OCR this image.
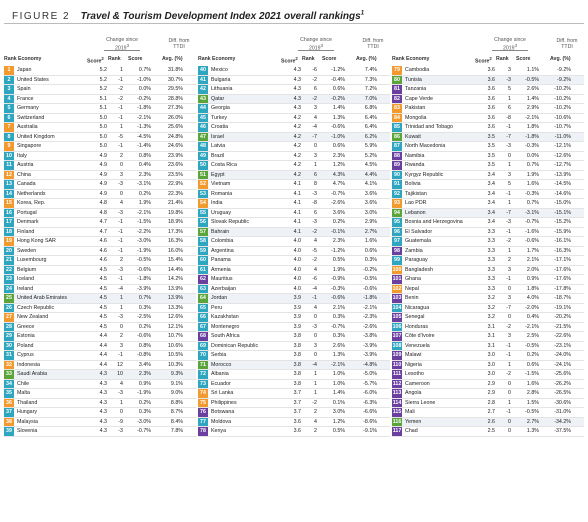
FIGURE 2 Travel & Tourism Development Index 2021 overall rankings$^1$
Change since 2019$^3$
Diff. from
TTDI
Rank Economy	Score$^2$ Rank Score	Avg. (%)
1	Japan	5.2	1	0.7%	31.8%
2	United States	5.2	-1	-1.0%	30.7%
3	Spain	5.2	-2	0.0%	29.5%
4	France	5.1	-2	-0.2%	28.8%
5	Germany	5.1	-1	-1.8%	27.3%
6	Switzerland	5.0	-1	-2.1%	26.0%
7	Australia	5.0	1	-1.3%	25.6%
8	United Kingdom	5.0	-5	-4.5%	24.8%
9	Singapore	5.0	-1	-1.4%	24.6%
10 Italy	4.9	2	0.8%	23.9%
11 Austria	4.9	0	0.4%	23.6%
12 China	4.9	3	2.3%	23.5%
13 Canada	4.9	-3	-3.1%	22.9%
14 Netherlands	4.9	0	0.2%	22.3%
15 Korea, Rep.	4.8	4	1.9%	21.4%
16 Portugal	4.8	-3	-2.1%	19.8%
17 Denmark	4.7	-1	-1.5%	18.9%
18 Finland	4.7	-1	-2.2%	17.3%
19 Hong Kong SAR	4.6	-1	-3.0%	16.3%
20 Sweden	4.6	-1	-1.9%	16.0%
21 Luxembourg	4.6	2	-0.5%	15.4%
22 Belgium	4.5	-3	-0.6%	14.4%
23 Iceland	4.5	-1	-1.8%	14.2%
24 Ireland	4.5	-4	-3.9%	13.9%
25 United Arab Emirates	4.5	1	0.7%	13.9%
26 Czech Republic	4.5	1	0.3%	13.3%
27 New Zealand	4.5	-3	-2.5%	12.6%
28 Greece	4.5	0	0.2%	12.1%
29 Estonia	4.4	2	-0.6%	10.7%
30 Poland	4.4	3	0.8%	10.6%
31 Cyprus	4.4	-1	-0.8%	10.5%
32 Indonesia	4.4	12	3.4%	10.3%
33 Saudi Arabia	4.3	10	2.3%	9.3%
34 Chile	4.3	4	0.9%	9.1%
35 Malta	4.3	-3	-1.9%	9.0%
36 Thailand	4.3	1	0.2%	8.8%
37 Hungary	4.3	0	0.3%	8.7%
38 Malaysia	4.3	-9	-3.0%	8.4%
39 Slovenia	4.3	-3	-0.7%	7.8%
Change since 2019$^3$
Diff. from
TTDI
Rank Economy	Score$^2$ Rank Score	Avg. (%)
40 Mexico	4.3	-6	-1.2%	7.4%
41 Bulgaria	4.3	-2	-0.4%	7.3%
42 Lithuania	4.3	6	0.6%	7.2%
43 Qatar	4.3	-2	-0.2%	7.0%
44 Georgia	4.3	3	1.4%	6.8%
45 Turkey	4.2	4	1.3%	6.4%
46 Croatia	4.2	-4	-0.6%	6.4%
47 Israel	4.2	-7	-1.0%	6.2%
48 Latvia	4.2	0	0.6%	5.9%
49 Brazil	4.2	3	2.3%	5.2%
50 Costa Rica	4.2	1	1.2%	4.5%
51 Egypt	4.2	6	4.3%	4.4%
52 Vietnam	4.1	8	4.7%	4.1%
53 Romania	4.1	-3	-0.7%	3.6%
54 India	4.1	-8	-2.6%	3.6%
55 Uruguay	4.1	6	3.6%	3.0%
56 Slovak Republic	4.1	-3	0.2%	2.9%
57 Bahrain	4.1	-2	-0.1%	2.7%
58 Colombia	4.0	4	2.3%	1.6%
59 Argentina	4.0	-5	-1.2%	0.6%
60 Panama	4.0	-2	0.5%	0.3%
61 Armenia	4.0	4	1.9%	-0.2%
62 Mauritius	4.0	-6	-0.9%	-0.5%
63 Azerbaijan	4.0	-4	-0.3%	-0.6%
64 Jordan	3.9	-1	-0.6%	-1.8%
65 Peru	3.9	4	2.1%	-2.1%
66 Kazakhstan	3.9	0	0.3%	-2.3%
67 Montenegro	3.9	-3	-0.7%	-2.6%
68 South Africa	3.8	0	0.3%	-3.8%
69 Dominican Republic	3.8	3	2.6%	-3.9%
70 Serbia	3.8	0	1.3%	-3.9%
71 Morocco	3.8	-4	-2.1%	-4.8%
72 Albania	3.8	1	1.0%	-5.0%
73 Ecuador	3.8	1	1.0%	-5.7%
74 Sri Lanka	3.7	1	1.4%	-6.0%
75 Philippines	3.7	-2	0.1%	-6.3%
76 Botswana	3.7	2	3.0%	-6.6%
77 Moldova	3.6	4	1.2%	-8.6%
78 Kenya	3.6	2	0.5%	-9.1%
Change since 2019$^3$
Diff. from
TTDI
Rank Economy	Score$^2$ Rank Score	Avg. (%)
79 Cambodia	3.6	3	1.1%	-9.2%
80 Tunisia	3.6	-3	-0.5%	-9.2%
81 Tanzania	3.6	5	2.6%	-10.2%
82 Cape Verde	3.6	1	1.4%	-10.2%
83 Pakistan	3.6	6	2.9%	-10.2%
84 Mongolia	3.6	-8	-2.1%	-10.6%
85 Trinidad and Tobago	3.6	-1	1.8%	-10.7%
86 Kuwait	3.5	-7	-1.8%	-11.0%
87 North Macedonia	3.5	-3	-0.3%	-12.1%
88 Namibia	3.5	0	0.0%	-12.6%
89 Rwanda	3.5	1	0.7%	-12.7%
90 Kyrgyz Republic	3.4	3	1.9%	-13.9%
91 Bolivia	3.4	5	1.6%	-14.5%
92 Tajikistan	3.4	-1	-0.3%	-14.6%
93 Lao PDR	3.4	1	0.7%	-15.0%
94 Lebanon	3.4	-7	-3.1%	-15.1%
95 Bosnia and Herzegovina	3.4	-3	-0.7%	-15.2%
96 El Salvador	3.3	-1	-1.6%	-15.9%
97 Guatemala	3.3	-2	-0.6%	-16.1%
98 Zambia	3.3	1	1.7%	-16.3%
99 Paraguay	3.3	2	2.1%	-17.1%
100 Bangladesh	3.3	3	2.0%	-17.6%
101 Ghana	3.3	-1	0.9%	-17.6%
102 Nepal	3.3	0	1.8%	-17.8%
103 Benin	3.2	3	4.0%	-18.7%
104 Nicaragua	3.2	-7	-2.0%	-19.1%
105 Senegal	3.2	0	0.4%	-20.2%
106 Honduras	3.1	-2	-2.1%	-21.5%
107 Côte d'Ivoire	3.1	3	2.5%	-22.6%
108 Venezuela	3.1	-1	-0.5%	-23.1%
109 Malawi	3.0	-1	0.2%	-24.0%
110 Nigeria	3.0	1	0.6%	-24.1%
111 Lesotho	3.0	-2	-1.5%	-25.6%
112 Cameroon	2.9	0	1.6%	-26.2%
113 Angola	2.9	0	2.8%	-26.5%
114 Sierra Leone	2.8	1	1.5%	-30.6%
115 Mali	2.7	-1	-0.5%	-31.0%
116 Yemen	2.6	0	2.7%	-34.2%
117 Chad	2.5	0	1.3%	-37.5%
